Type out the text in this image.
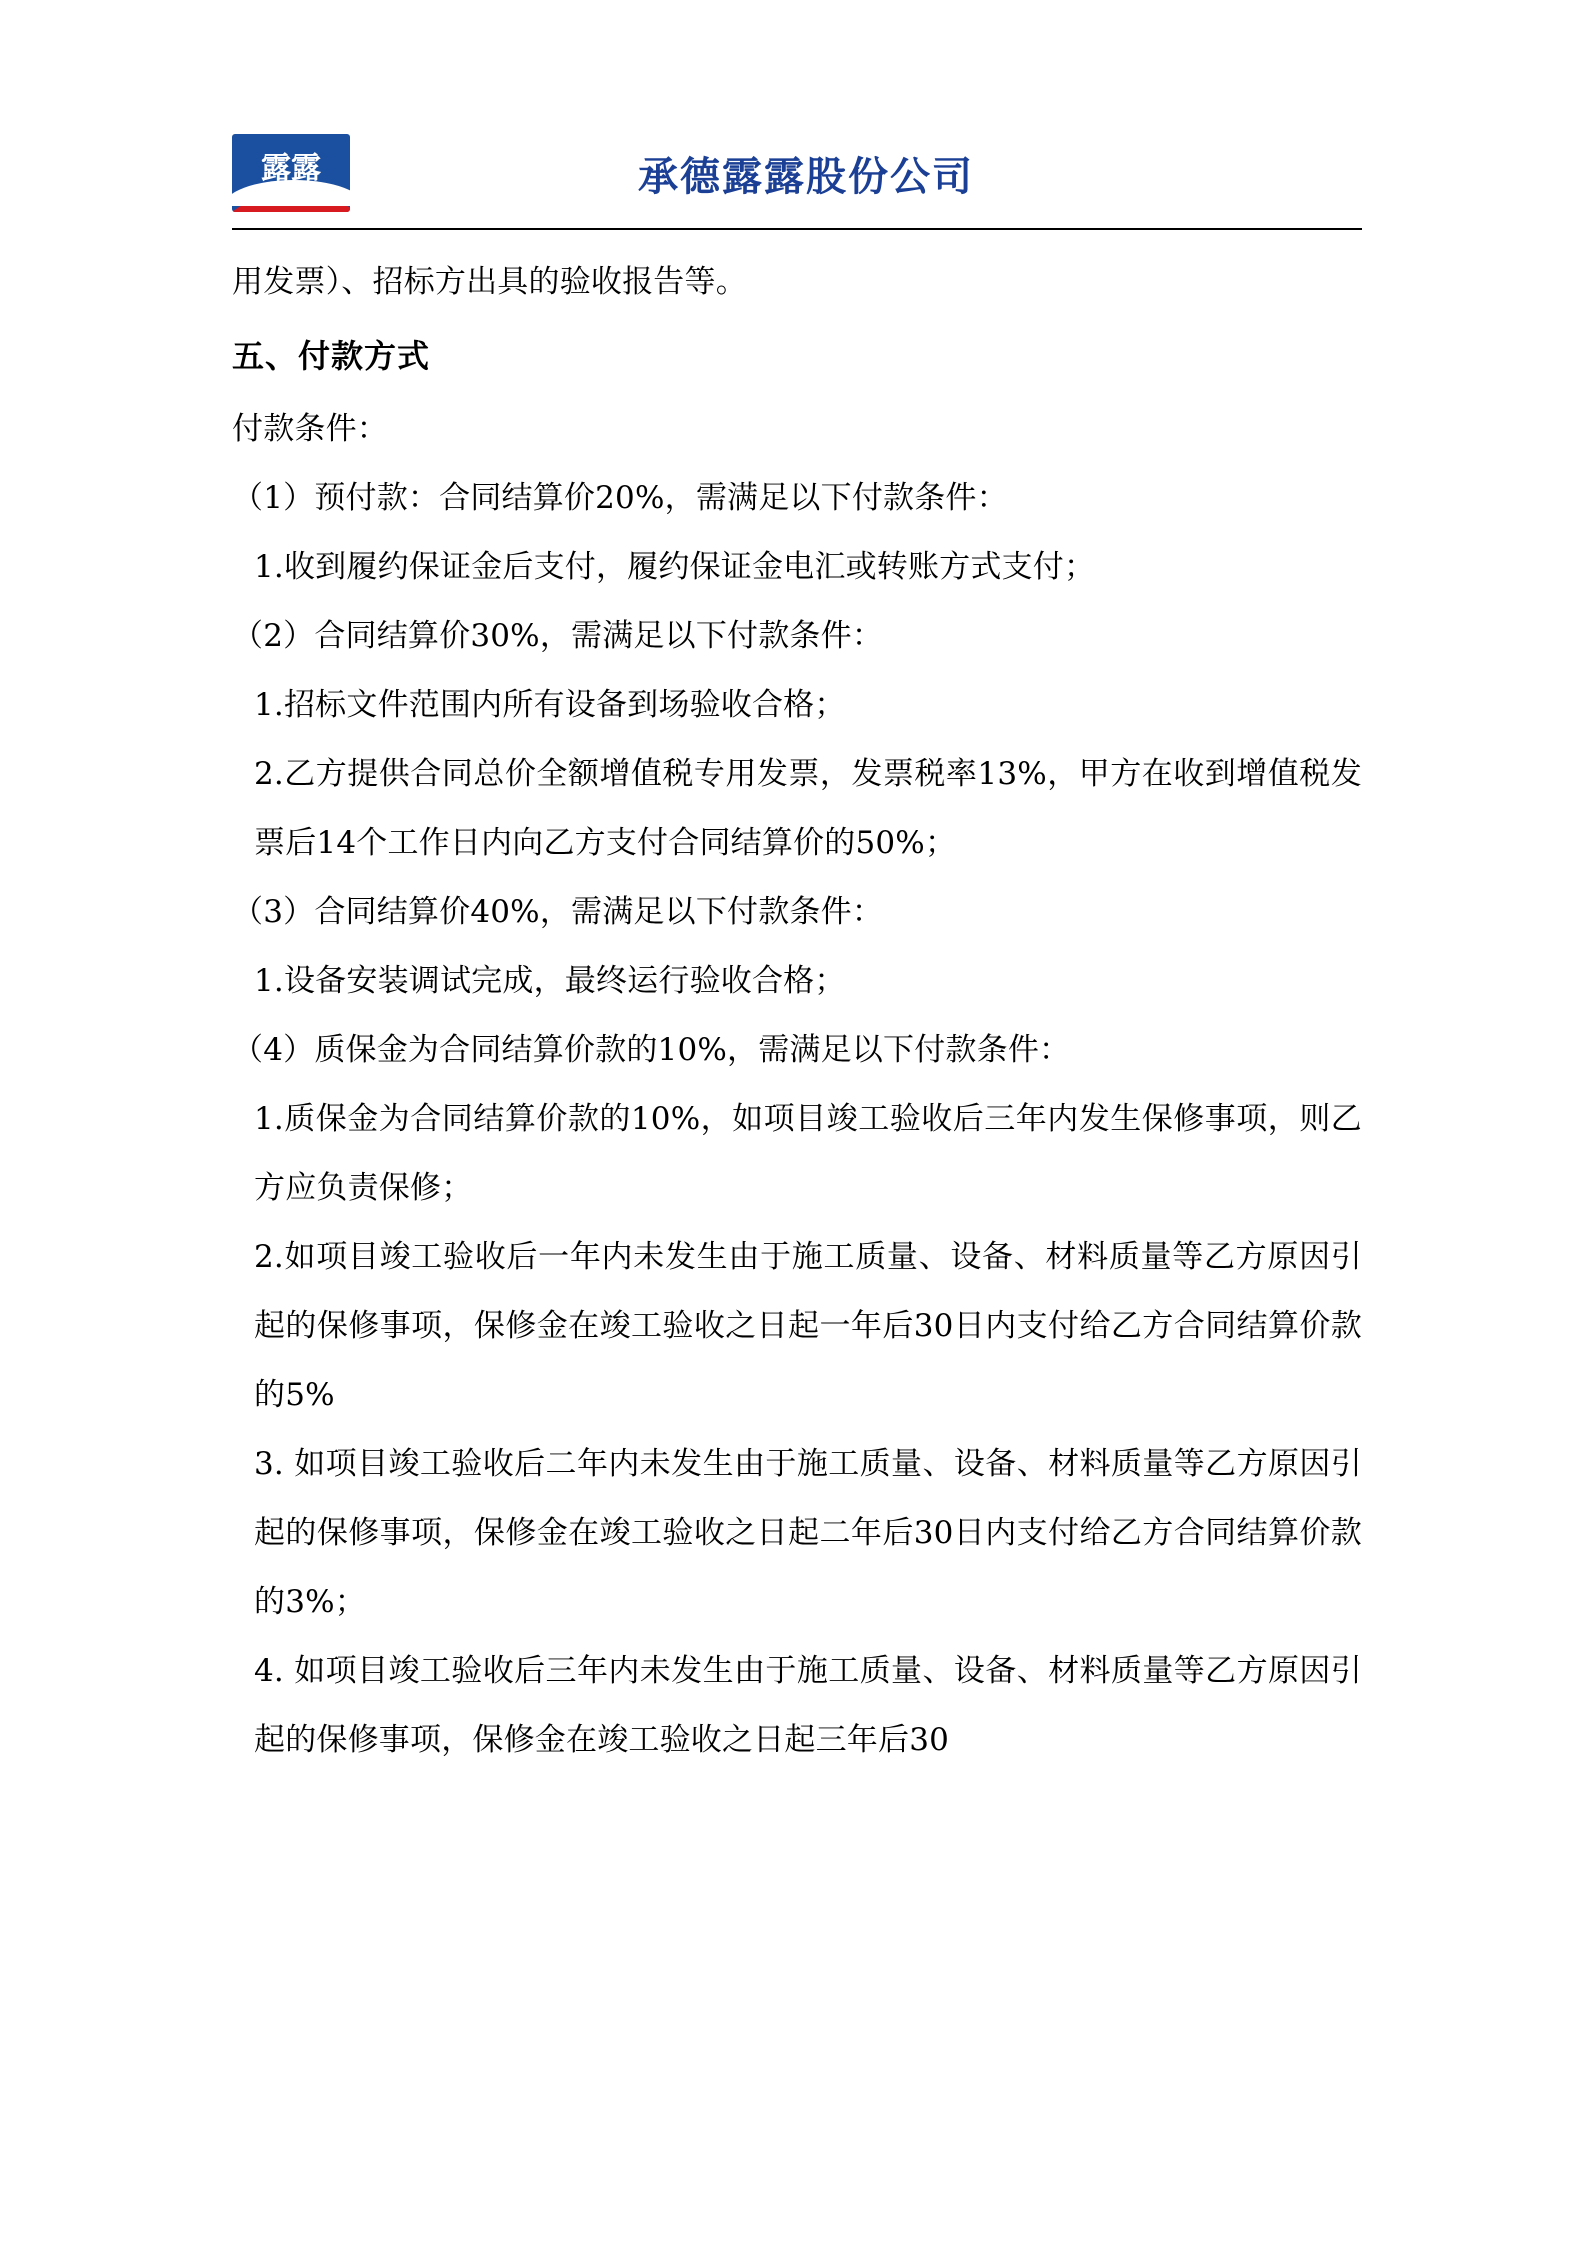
露露	承德露露股份公司

用发票）、招标方出具的验收报告等。

五、付款方式

付款条件：

（1）预付款：合同结算价20%，需满足以下付款条件：

1.收到履约保证金后支付，履约保证金电汇或转账方式支付；

（2）合同结算价30%，需满足以下付款条件：

1.招标文件范围内所有设备到场验收合格；

2.乙方提供合同总价全额增值税专用发票，发票税率13%，甲方在收到增值税发票后14个工作日内向乙方支付合同结算价的50%；

（3）合同结算价40%，需满足以下付款条件：

1.设备安装调试完成，最终运行验收合格；

（4）质保金为合同结算价款的10%，需满足以下付款条件：

1.质保金为合同结算价款的10%，如项目竣工验收后三年内发生保修事项，则乙方应负责保修；

2.如项目竣工验收后一年内未发生由于施工质量、设备、材料质量等乙方原因引起的保修事项，保修金在竣工验收之日起一年后30日内支付给乙方合同结算价款的5%

3. 如项目竣工验收后二年内未发生由于施工质量、设备、材料质量等乙方原因引起的保修事项，保修金在竣工验收之日起二年后30日内支付给乙方合同结算价款的3%；

4. 如项目竣工验收后三年内未发生由于施工质量、设备、材料质量等乙方原因引起的保修事项，保修金在竣工验收之日起三年后30
